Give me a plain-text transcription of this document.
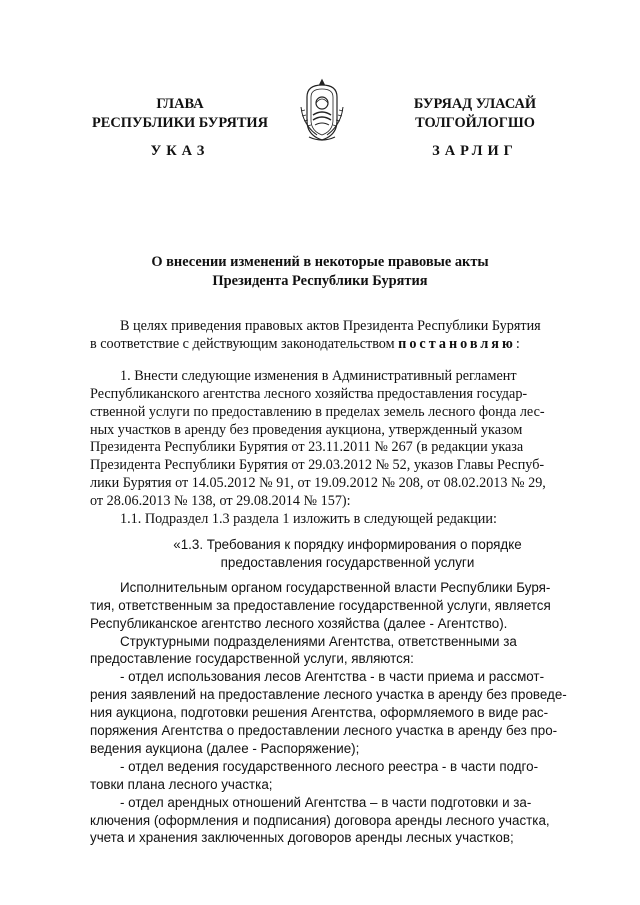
ГЛАВА
РЕСПУБЛИКИ БУРЯТИЯ
БУРЯАД УЛАСАЙ
ТОЛГОЙЛОГШО
УКАЗ	ЗАРЛИГ
О внесении изменений в некоторые правовые акты
Президента Республики Бурятия

В целях приведения правовых актов Президента Республики Бурятия

в соответствие с действующим законодательством постановляю:

1. Внести следующие изменения в Административный регламент

Республиканского агентства лесного хозяйства предоставления государ-

ственной услуги по предоставлению в пределах земель лесного фонда лес-

ных участков в аренду без проведения аукциона, утвержденный указом

Президента Республики Бурятия от 23.11.2011 № 267 (в редакции указа

Президента Республики Бурятия от 29.03.2012 № 52, указов Главы Респуб-

лики Бурятия от 14.05.2012 № 91, от 19.09.2012 № 208, от 08.02.2013 № 29,

от 28.06.2013 № 138, от 29.08.2014 № 157):

1.1. Подраздел 1.3 раздела 1 изложить в следующей редакции:

«1.3. Требования к порядку информирования о порядке

предоставления государственной услуги

Исполнительным органом государственной власти Республики Буря-

тия, ответственным за предоставление государственной услуги, является

Республиканское агентство лесного хозяйства (далее - Агентство).

Структурными подразделениями Агентства, ответственными за

предоставление государственной услуги, являются:

- отдел использования лесов Агентства - в части приема и рассмот-

рения заявлений на предоставление лесного участка в аренду без проведе-

ния аукциона, подготовки решения Агентства, оформляемого в виде рас-

поряжения Агентства о предоставлении лесного участка в аренду без про-

ведения аукциона (далее - Распоряжение);

- отдел ведения государственного лесного реестра - в части подго-

товки плана лесного участка;

- отдел арендных отношений Агентства – в части подготовки и за-

ключения (оформления и подписания) договора аренды лесного участка,

учета и хранения заключенных договоров аренды лесных участков;
